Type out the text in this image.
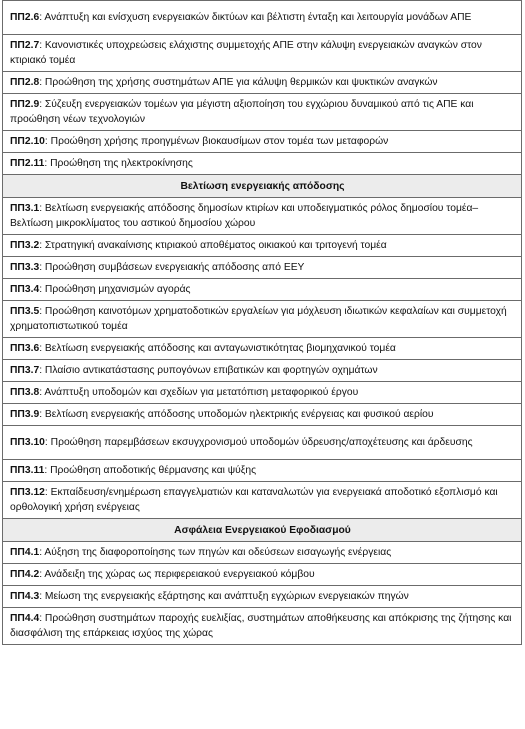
ΠΠ2.6: Ανάπτυξη και ενίσχυση ενεργειακών δικτύων και βέλτιστη ένταξη και λειτουργία μονάδων ΑΠΕ
ΠΠ2.7: Κανονιστικές υποχρεώσεις ελάχιστης συμμετοχής ΑΠΕ στην κάλυψη ενεργειακών αναγκών στον κτιριακό τομέα
ΠΠ2.8: Προώθηση της χρήσης συστημάτων ΑΠΕ για κάλυψη θερμικών και ψυκτικών αναγκών
ΠΠ2.9: Σύζευξη ενεργειακών τομέων για μέγιστη αξιοποίηση του εγχώριου δυναμικού από τις ΑΠΕ και προώθηση νέων τεχνολογιών
ΠΠ2.10: Προώθηση χρήσης προηγμένων βιοκαυσίμων στον τομέα των μεταφορών
ΠΠ2.11: Προώθηση της ηλεκτροκίνησης
Βελτίωση ενεργειακής απόδοσης
ΠΠ3.1: Βελτίωση ενεργειακής απόδοσης δημοσίων κτιρίων και υποδειγματικός ρόλος δημοσίου τομέα– Βελτίωση μικροκλίματος του αστικού δημοσίου χώρου
ΠΠ3.2: Στρατηγική ανακαίνισης κτιριακού αποθέματος οικιακού και τριτογενή τομέα
ΠΠ3.3: Προώθηση συμβάσεων ενεργειακής απόδοσης από ΕΕΥ
ΠΠ3.4: Προώθηση μηχανισμών αγοράς
ΠΠ3.5: Προώθηση καινοτόμων χρηματοδοτικών εργαλείων για μόχλευση ιδιωτικών κεφαλαίων και συμμετοχή χρηματοπιστωτικού τομέα
ΠΠ3.6: Βελτίωση ενεργειακής απόδοσης και ανταγωνιστικότητας βιομηχανικού τομέα
ΠΠ3.7: Πλαίσιο αντικατάστασης ρυπογόνων επιβατικών και φορτηγών οχημάτων
ΠΠ3.8: Ανάπτυξη υποδομών και σχεδίων για μετατόπιση μεταφορικού έργου
ΠΠ3.9: Βελτίωση ενεργειακής απόδοσης υποδομών ηλεκτρικής ενέργειας και φυσικού αερίου
ΠΠ3.10: Προώθηση παρεμβάσεων εκσυγχρονισμού υποδομών ύδρευσης/αποχέτευσης και άρδευσης
ΠΠ3.11: Προώθηση αποδοτικής θέρμανσης και ψύξης
ΠΠ3.12: Εκπαίδευση/ενημέρωση επαγγελματιών και καταναλωτών για ενεργειακά αποδοτικό εξοπλισμό και ορθολογική χρήση ενέργειας
Ασφάλεια Ενεργειακού Εφοδιασμού
ΠΠ4.1: Αύξηση της διαφοροποίησης των πηγών και οδεύσεων εισαγωγής ενέργειας
ΠΠ4.2: Ανάδειξη της χώρας ως περιφερειακού ενεργειακού κόμβου
ΠΠ4.3: Μείωση της ενεργειακής εξάρτησης και ανάπτυξη εγχώριων ενεργειακών πηγών
ΠΠ4.4: Προώθηση συστημάτων παροχής ευελιξίας, συστημάτων αποθήκευσης και απόκρισης της ζήτησης και διασφάλιση της επάρκειας ισχύος της χώρας
